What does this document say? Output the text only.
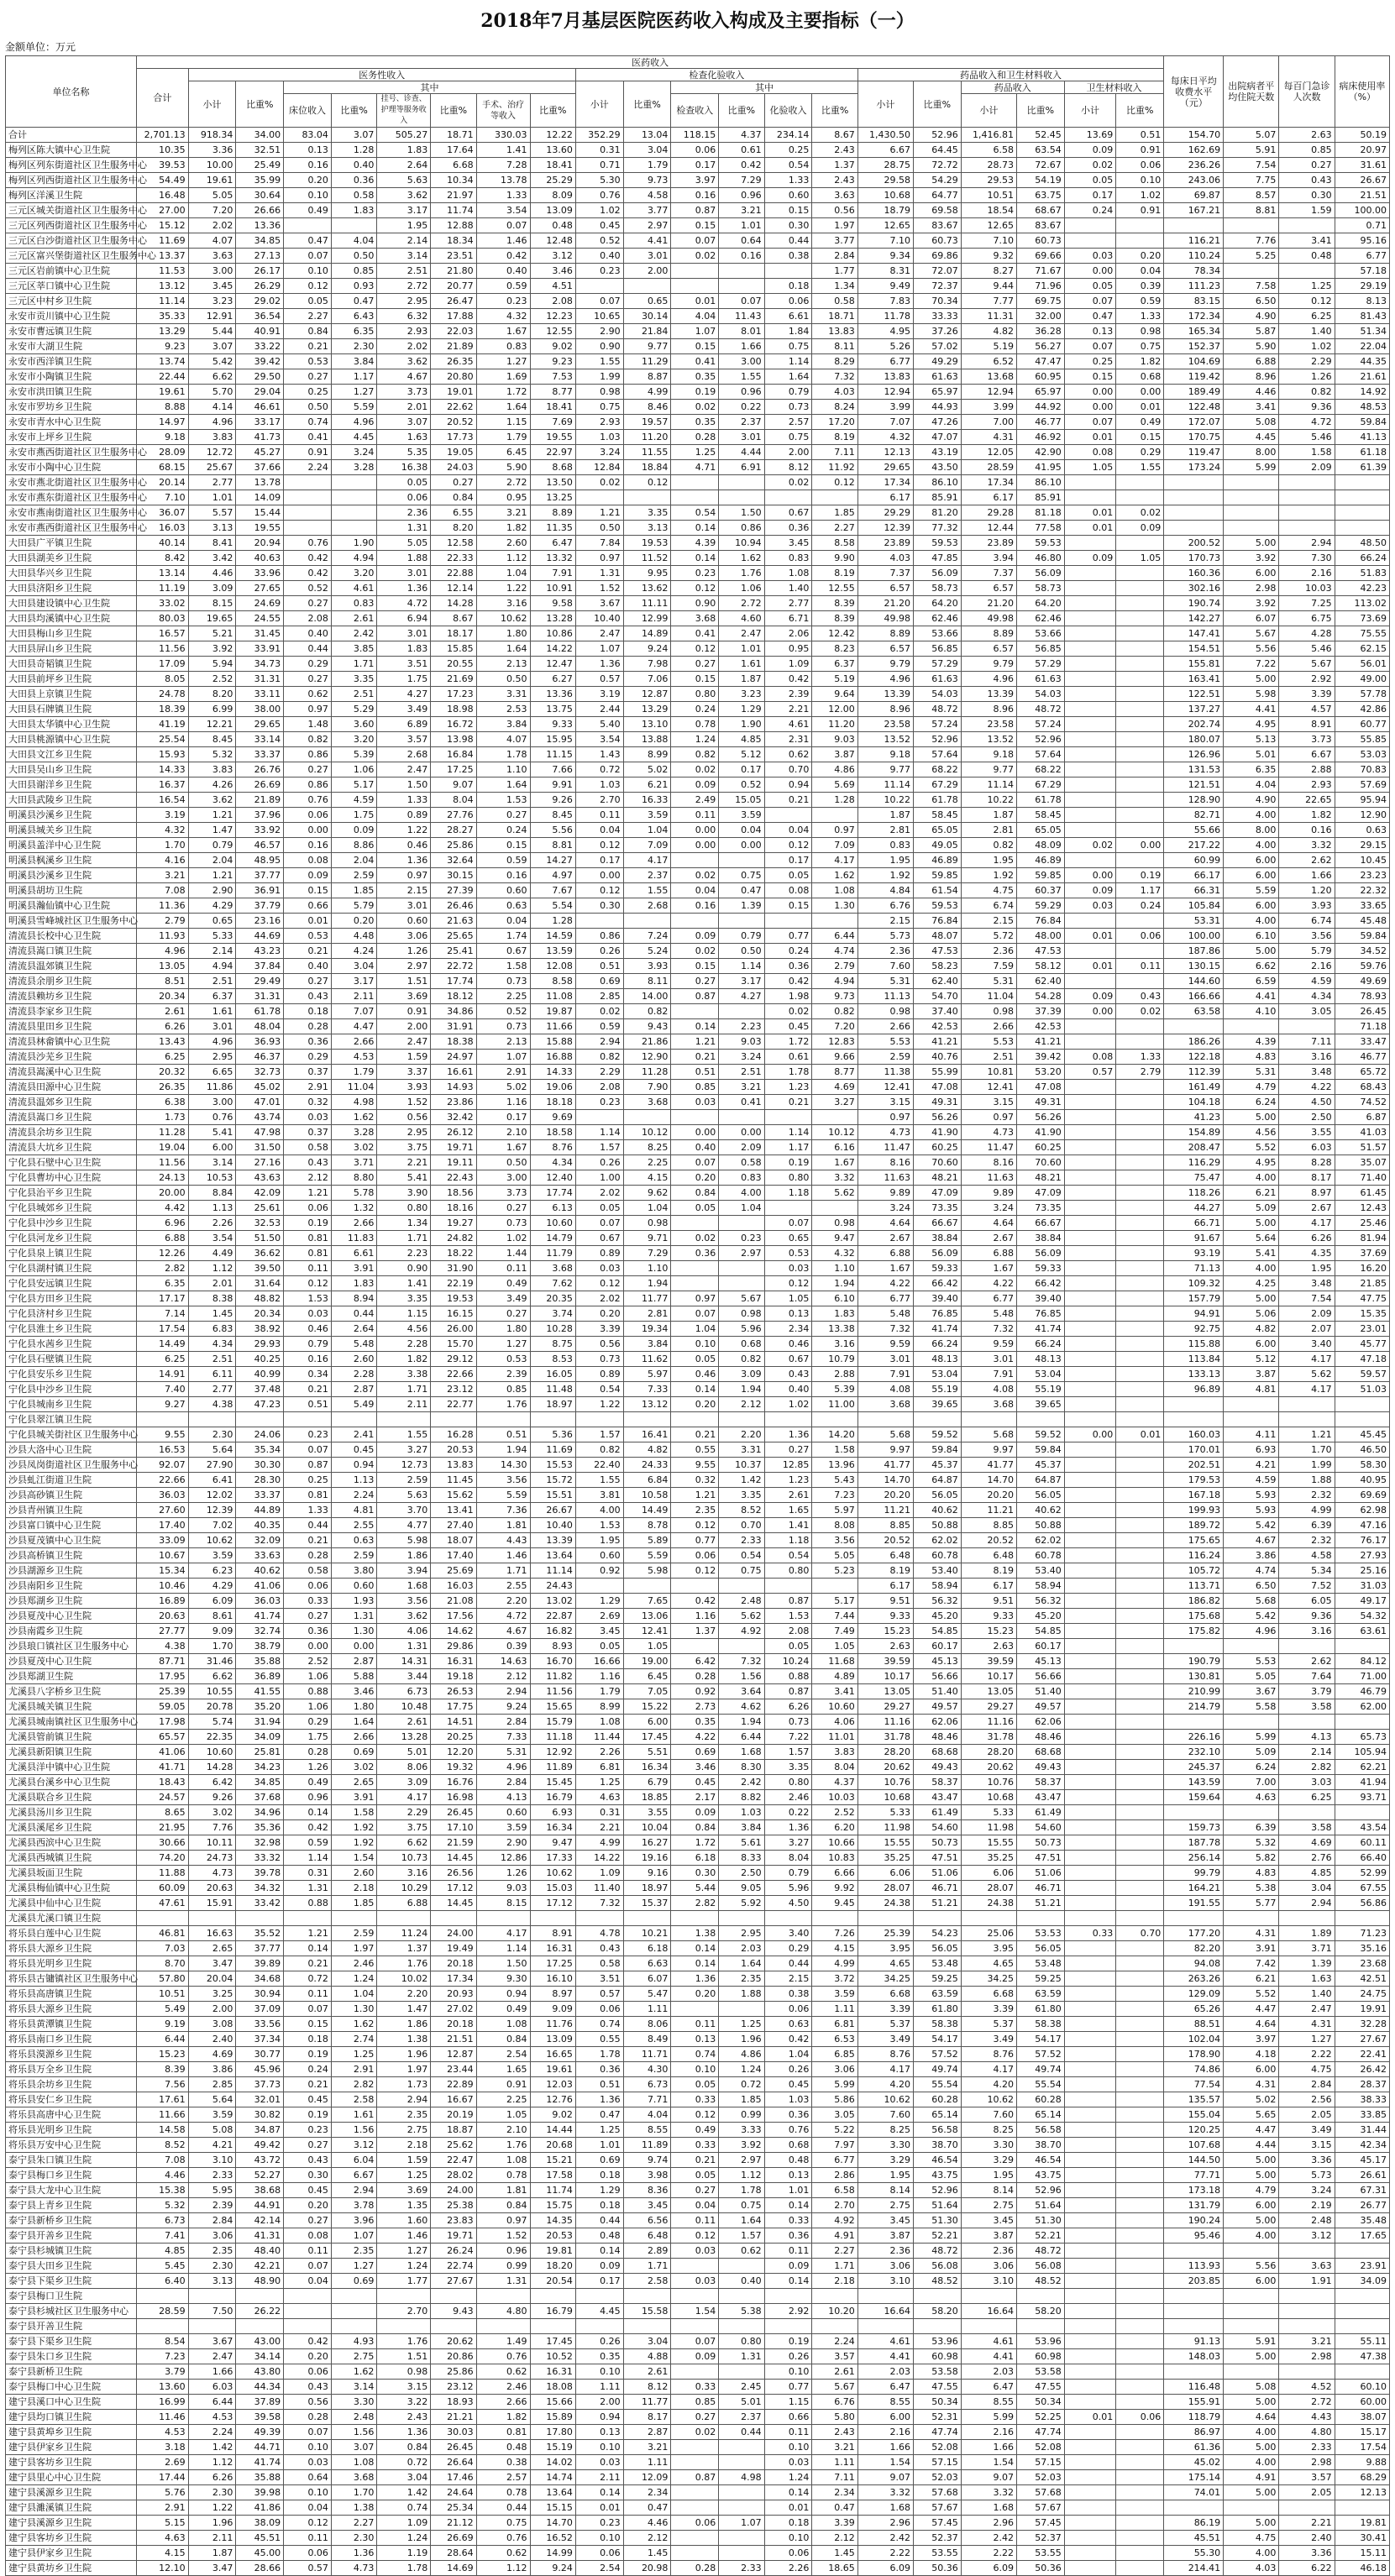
2018年7月基层医院医药收入构成及主要指标（一）
金额单位：万元
单位名称	医药收入																					每床日平均收费水平（元）	出院病者平均住院天数	每百门急诊人次数	病床使用率（%）
	合计	医务性收入								检查化验收入						药品收入和卫生材料收入									
		小计	比重%	其中						小计	比重%	其中				小计	比重%	药品收入		卫生材料收入					
				床位收入	比重%	挂号、诊查、护理等服务收入	比重%	手术、治疗等收入	比重%			检查收入	比重%	化验收入	比重%			小计	比重%	小计	比重%				
合计	2,701.13	918.34	34.00	83.04	3.07	505.27	18.71	330.03	12.22	352.29	13.04	118.15	4.37	234.14	8.67	1,430.50	52.96	1,416.81	52.45	13.69	0.51	154.70	5.07	2.63	50.19
梅列区陈大镇中心卫生院	10.35	3.36	32.51	0.13	1.28	1.83	17.64	1.41	13.60	0.31	3.04	0.06	0.61	0.25	2.43	6.67	64.45	6.58	63.54	0.09	0.91	162.69	5.91	0.85	20.97
梅列区列东街道社区卫生服务中心	39.53	10.00	25.49	0.16	0.40	2.64	6.68	7.28	18.41	0.71	1.79	0.17	0.42	0.54	1.37	28.75	72.72	28.73	72.67	0.02	0.06	236.26	7.54	0.27	31.61
梅列区列西街道社区卫生服务中心	54.49	19.61	35.99	0.20	0.36	5.63	10.34	13.78	25.29	5.30	9.73	3.97	7.29	1.33	2.43	29.58	54.29	29.53	54.19	0.05	0.10	243.06	7.75	0.43	26.67
梅列区洋溪卫生院	16.48	5.05	30.64	0.10	0.58	3.62	21.97	1.33	8.09	0.76	4.58	0.16	0.96	0.60	3.63	10.68	64.77	10.51	63.75	0.17	1.02	69.87	8.57	0.30	21.51
三元区城关街道社区卫生服务中心	27.00	7.20	26.66	0.49	1.83	3.17	11.74	3.54	13.09	1.02	3.77	0.87	3.21	0.15	0.56	18.79	69.58	18.54	68.67	0.24	0.91	167.21	8.81	1.59	100.00
三元区列西街道社区卫生服务中心	15.12	2.02	13.36			1.95	12.88	0.07	0.48	0.45	2.97	0.15	1.01	0.30	1.97	12.65	83.67	12.65	83.67						0.71
三元区白沙街道社区卫生服务中心	11.69	4.07	34.85	0.47	4.04	2.14	18.34	1.46	12.48	0.52	4.41	0.07	0.64	0.44	3.77	7.10	60.73	7.10	60.73			116.21	7.76	3.41	95.16
三元区富兴堡街道社区卫生服务中心	13.37	3.63	27.13	0.07	0.50	3.14	23.51	0.42	3.12	0.40	3.01	0.02	0.16	0.38	2.84	9.34	69.86	9.32	69.66	0.03	0.20	110.24	5.25	0.48	6.77
三元区岩前镇中心卫生院	11.53	3.00	26.17	0.10	0.85	2.51	21.80	0.40	3.46	0.23	2.00				1.77	8.31	72.07	8.27	71.67	0.00	0.04	78.34			57.18
三元区莘口镇中心卫生院	13.12	3.45	26.29	0.12	0.93	2.72	20.77	0.59	4.51					0.18	1.34	9.49	72.37	9.44	71.96	0.05	0.39	111.23	7.58	1.25	29.19
三元区中村乡卫生院	11.14	3.23	29.02	0.05	0.47	2.95	26.47	0.23	2.08	0.07	0.65	0.01	0.07	0.06	0.58	7.83	70.34	7.77	69.75	0.07	0.59	83.15	6.50	0.12	8.13
永安市贡川镇中心卫生院	35.33	12.91	36.54	2.27	6.43	6.32	17.88	4.32	12.23	10.65	30.14	4.04	11.43	6.61	18.71	11.78	33.33	11.31	32.00	0.47	1.33	172.34	4.90	6.25	81.43
永安市曹远镇卫生院	13.29	5.44	40.91	0.84	6.35	2.93	22.03	1.67	12.55	2.90	21.84	1.07	8.01	1.84	13.83	4.95	37.26	4.82	36.28	0.13	0.98	165.34	5.87	1.40	51.34
永安市大湖卫生院	9.23	3.07	33.22	0.21	2.30	2.02	21.89	0.83	9.02	0.90	9.77	0.15	1.66	0.75	8.11	5.26	57.02	5.19	56.27	0.07	0.75	152.37	5.90	1.02	22.04
永安市西洋镇卫生院	13.74	5.42	39.42	0.53	3.84	3.62	26.35	1.27	9.23	1.55	11.29	0.41	3.00	1.14	8.29	6.77	49.29	6.52	47.47	0.25	1.82	104.69	6.88	2.29	44.35
永安市小陶镇卫生院	22.44	6.62	29.50	0.27	1.17	4.67	20.80	1.69	7.53	1.99	8.87	0.35	1.55	1.64	7.32	13.83	61.63	13.68	60.95	0.15	0.68	119.42	8.96	1.26	21.61
永安市洪田镇卫生院	19.61	5.70	29.04	0.25	1.27	3.73	19.01	1.72	8.77	0.98	4.99	0.19	0.96	0.79	4.03	12.94	65.97	12.94	65.97	0.00	0.00	189.49	4.46	0.82	14.92
永安市罗坊乡卫生院	8.88	4.14	46.61	0.50	5.59	2.01	22.62	1.64	18.41	0.75	8.46	0.02	0.22	0.73	8.24	3.99	44.93	3.99	44.92	0.00	0.01	122.48	3.41	9.36	48.53
永安市青水中心卫生院	14.97	4.96	33.17	0.74	4.96	3.07	20.52	1.15	7.69	2.93	19.57	0.35	2.37	2.57	17.20	7.07	47.26	7.00	46.77	0.07	0.49	172.07	5.08	4.72	59.84
永安市上坪乡卫生院	9.18	3.83	41.73	0.41	4.45	1.63	17.73	1.79	19.55	1.03	11.20	0.28	3.01	0.75	8.19	4.32	47.07	4.31	46.92	0.01	0.15	170.75	4.45	5.46	41.13
永安市燕西街道社区卫生服务中心	28.09	12.72	45.27	0.91	3.24	5.35	19.05	6.45	22.97	3.24	11.55	1.25	4.44	2.00	7.11	12.13	43.19	12.05	42.90	0.08	0.29	119.47	8.00	1.58	61.18
永安市小陶中心卫生院	68.15	25.67	37.66	2.24	3.28	16.38	24.03	5.90	8.68	12.84	18.84	4.71	6.91	8.12	11.92	29.65	43.50	28.59	41.95	1.05	1.55	173.24	5.99	2.09	61.39
永安市燕北街道社区卫生服务中心	20.14	2.77	13.78			0.05	0.27	2.72	13.50	0.02	0.12			0.02	0.12	17.34	86.10	17.34	86.10						
永安市燕东街道社区卫生服务中心	7.10	1.01	14.09			0.06	0.84	0.95	13.25							6.17	85.91	6.17	85.91						
永安市燕南街道社区卫生服务中心	36.07	5.57	15.44			2.36	6.55	3.21	8.89	1.21	3.35	0.54	1.50	0.67	1.85	29.29	81.20	29.28	81.18	0.01	0.02				
永安市燕西街道社区卫生服务中心	16.03	3.13	19.55			1.31	8.20	1.82	11.35	0.50	3.13	0.14	0.86	0.36	2.27	12.39	77.32	12.44	77.58	0.01	0.09				
大田县广平镇卫生院	40.14	8.41	20.94	0.76	1.90	5.05	12.58	2.60	6.47	7.84	19.53	4.39	10.94	3.45	8.58	23.89	59.53	23.89	59.53			200.52	5.00	2.94	48.50
大田县湖美乡卫生院	8.42	3.42	40.63	0.42	4.94	1.88	22.33	1.12	13.32	0.97	11.52	0.14	1.62	0.83	9.90	4.03	47.85	3.94	46.80	0.09	1.05	170.73	3.92	7.30	66.24
大田县华兴乡卫生院	13.14	4.46	33.96	0.42	3.20	3.01	22.88	1.04	7.91	1.31	9.95	0.23	1.76	1.08	8.19	7.37	56.09	7.37	56.09			160.36	6.00	2.16	51.83
大田县济阳乡卫生院	11.19	3.09	27.65	0.52	4.61	1.36	12.14	1.22	10.91	1.52	13.62	0.12	1.06	1.40	12.55	6.57	58.73	6.57	58.73			302.16	2.98	10.03	42.23
大田县建设镇中心卫生院	33.02	8.15	24.69	0.27	0.83	4.72	14.28	3.16	9.58	3.67	11.11	0.90	2.72	2.77	8.39	21.20	64.20	21.20	64.20			190.74	3.92	7.25	113.02
大田县均溪镇中心卫生院	80.03	19.65	24.55	2.08	2.61	6.94	8.67	10.62	13.28	10.40	12.99	3.68	4.60	6.71	8.39	49.98	62.46	49.98	62.46			142.27	6.07	6.75	73.69
大田县梅山乡卫生院	16.57	5.21	31.45	0.40	2.42	3.01	18.17	1.80	10.86	2.47	14.89	0.41	2.47	2.06	12.42	8.89	53.66	8.89	53.66			147.41	5.67	4.28	75.55
大田县屏山乡卫生院	11.56	3.92	33.91	0.44	3.85	1.83	15.85	1.64	14.22	1.07	9.24	0.12	1.01	0.95	8.23	6.57	56.85	6.57	56.85			154.51	5.56	5.46	62.15
大田县奇韬镇卫生院	17.09	5.94	34.73	0.29	1.71	3.51	20.55	2.13	12.47	1.36	7.98	0.27	1.61	1.09	6.37	9.79	57.29	9.79	57.29			155.81	7.22	5.67	56.01
大田县前坪乡卫生院	8.05	2.52	31.31	0.27	3.35	1.75	21.69	0.50	6.27	0.57	7.06	0.15	1.87	0.42	5.19	4.96	61.63	4.96	61.63			163.41	5.00	2.92	49.00
大田县上京镇卫生院	24.78	8.20	33.11	0.62	2.51	4.27	17.23	3.31	13.36	3.19	12.87	0.80	3.23	2.39	9.64	13.39	54.03	13.39	54.03			122.51	5.98	3.39	57.78
大田县石牌镇卫生院	18.39	6.99	38.00	0.97	5.29	3.49	18.98	2.53	13.75	2.44	13.29	0.24	1.29	2.21	12.00	8.96	48.72	8.96	48.72			137.27	4.41	4.57	42.86
大田县太华镇中心卫生院	41.19	12.21	29.65	1.48	3.60	6.89	16.72	3.84	9.33	5.40	13.10	0.78	1.90	4.61	11.20	23.58	57.24	23.58	57.24			202.74	4.95	8.91	60.77
大田县桃源镇中心卫生院	25.54	8.45	33.14	0.82	3.20	3.57	13.98	4.07	15.95	3.54	13.88	1.24	4.85	2.31	9.03	13.52	52.96	13.52	52.96			180.07	5.13	3.73	55.85
大田县文江乡卫生院	15.93	5.32	33.37	0.86	5.39	2.68	16.84	1.78	11.15	1.43	8.99	0.82	5.12	0.62	3.87	9.18	57.64	9.18	57.64			126.96	5.01	6.67	53.03
大田县吴山乡卫生院	14.33	3.83	26.76	0.27	1.06	2.47	17.25	1.10	7.66	0.72	5.02	0.02	0.17	0.70	4.86	9.77	68.22	9.77	68.22			131.53	6.35	2.88	70.83
大田县谢洋乡卫生院	16.37	4.26	26.69	0.86	5.17	1.50	9.07	1.64	9.91	1.03	6.21	0.09	0.52	0.94	5.69	11.14	67.29	11.14	67.29			121.51	4.04	2.93	57.69
大田县武陵乡卫生院	16.54	3.62	21.89	0.76	4.59	1.33	8.04	1.53	9.26	2.70	16.33	2.49	15.05	0.21	1.28	10.22	61.78	10.22	61.78			128.90	4.90	22.65	95.94
明溪县沙溪乡卫生院	3.19	1.21	37.96	0.06	1.75	0.89	27.76	0.27	8.45	0.11	3.59	0.11	3.59			1.87	58.45	1.87	58.45			82.71	4.00	1.82	12.90
明溪县城关乡卫生院	4.32	1.47	33.92	0.00	0.09	1.22	28.27	0.24	5.56	0.04	1.04	0.00	0.04	0.04	0.97	2.81	65.05	2.81	65.05			55.66	8.00	0.16	0.63
明溪县盖洋中心卫生院	1.70	0.79	46.57	0.16	8.86	0.46	25.86	0.15	8.81	0.12	7.09	0.00	0.00	0.12	7.09	0.83	49.05	0.82	48.09	0.02	0.00	217.22	4.00	3.32	29.15
明溪县枫溪乡卫生院	4.16	2.04	48.95	0.08	2.04	1.36	32.64	0.59	14.27	0.17	4.17			0.17	4.17	1.95	46.89	1.95	46.89			60.99	6.00	2.62	10.45
明溪县沙溪乡卫生院	3.21	1.21	37.77	0.09	2.59	0.97	30.15	0.16	4.97	0.00	2.37	0.02	0.75	0.05	1.62	1.92	59.85	1.92	59.85	0.00	0.19	66.17	6.00	1.66	23.23
明溪县胡坊卫生院	7.08	2.90	36.91	0.15	1.85	2.15	27.39	0.60	7.67	0.12	1.55	0.04	0.47	0.08	1.08	4.84	61.54	4.75	60.37	0.09	1.17	66.31	5.59	1.20	22.32
明溪县瀚仙镇中心卫生院	11.36	4.29	37.79	0.66	5.79	3.01	26.46	0.63	5.54	0.30	2.68	0.16	1.39	0.15	1.30	6.76	59.53	6.74	59.29	0.03	0.24	105.84	6.00	3.93	33.65
明溪县雪峰城社区卫生服务中心	2.79	0.65	23.16	0.01	0.20	0.60	21.63	0.04	1.28							2.15	76.84	2.15	76.84			53.31	4.00	6.74	45.48
清流县长校中心卫生院	11.93	5.33	44.69	0.53	4.48	3.06	25.65	1.74	14.59	0.86	7.24	0.09	0.79	0.77	6.44	5.73	48.07	5.72	48.00	0.01	0.06	100.00	6.10	3.56	59.84
清流县嵩口镇卫生院	4.96	2.14	43.23	0.21	4.24	1.26	25.41	0.67	13.59	0.26	5.24	0.02	0.50	0.24	4.74	2.36	47.53	2.36	47.53			187.86	5.00	5.79	34.52
清流县温郊镇卫生院	13.05	4.94	37.84	0.40	3.04	2.97	22.72	1.58	12.08	0.51	3.93	0.15	1.14	0.36	2.79	7.60	58.23	7.59	58.12	0.01	0.11	130.15	6.62	2.16	59.76
清流县余朋乡卫生院	8.51	2.51	29.49	0.27	3.17	1.51	17.74	0.73	8.58	0.69	8.11	0.27	3.17	0.42	4.94	5.31	62.40	5.31	62.40			144.60	6.59	4.59	49.69
清流县赖坊乡卫生院	20.34	6.37	31.31	0.43	2.11	3.69	18.12	2.25	11.08	2.85	14.00	0.87	4.27	1.98	9.73	11.13	54.70	11.04	54.28	0.09	0.43	166.66	4.41	4.34	78.93
清流县李家乡卫生院	2.61	1.61	61.78	0.18	7.07	0.91	34.86	0.52	19.87	0.02	0.82			0.02	0.82	0.98	37.40	0.98	37.39	0.00	0.02	63.58	4.10	3.05	26.45
清流县里田乡卫生院	6.26	3.01	48.04	0.28	4.47	2.00	31.91	0.73	11.66	0.59	9.43	0.14	2.23	0.45	7.20	2.66	42.53	2.66	42.53						71.18
清流县林畲镇中心卫生院	13.43	4.96	36.93	0.36	2.66	2.47	18.38	2.13	15.88	2.94	21.86	1.21	9.03	1.72	12.83	5.53	41.21	5.53	41.21			186.26	4.39	7.11	33.47
清流县沙芜乡卫生院	6.25	2.95	46.37	0.29	4.53	1.59	24.97	1.07	16.88	0.82	12.90	0.21	3.24	0.61	9.66	2.59	40.76	2.51	39.42	0.08	1.33	122.18	4.83	3.16	46.77
清流县嵩溪中心卫生院	20.32	6.65	32.73	0.37	1.79	3.37	16.61	2.91	14.33	2.29	11.28	0.51	2.51	1.78	8.77	11.38	55.99	10.81	53.20	0.57	2.79	112.39	5.31	3.48	65.72
清流县田源中心卫生院	26.35	11.86	45.02	2.91	11.04	3.93	14.93	5.02	19.06	2.08	7.90	0.85	3.21	1.23	4.69	12.41	47.08	12.41	47.08			161.49	4.79	4.22	68.43
清流县温郊乡卫生院	6.38	3.00	47.01	0.32	4.98	1.52	23.86	1.16	18.18	0.23	3.68	0.03	0.41	0.21	3.27	3.15	49.31	3.15	49.31			104.18	6.24	4.50	74.52
清流县嵩口乡卫生院	1.73	0.76	43.74	0.03	1.62	0.56	32.42	0.17	9.69							0.97	56.26	0.97	56.26			41.23	5.00	2.50	6.87
清流县余坊乡卫生院	11.28	5.41	47.98	0.37	3.28	2.95	26.12	2.10	18.58	1.14	10.12	0.00	0.00	1.14	10.12	4.73	41.90	4.73	41.90			154.89	4.56	3.55	41.03
清流县大坑乡卫生院	19.04	6.00	31.50	0.58	3.02	3.75	19.71	1.67	8.76	1.57	8.25	0.40	2.09	1.17	6.16	11.47	60.25	11.47	60.25			208.47	5.52	6.03	51.57
宁化县石壁中心卫生院	11.56	3.14	27.16	0.43	3.71	2.21	19.11	0.50	4.34	0.26	2.25	0.07	0.58	0.19	1.67	8.16	70.60	8.16	70.60			116.29	4.95	8.28	35.07
宁化县曹坊中心卫生院	24.13	10.53	43.63	2.12	8.80	5.41	22.43	3.00	12.40	1.00	4.15	0.20	0.83	0.80	3.32	11.63	48.21	11.63	48.21			75.47	4.00	8.17	71.40
宁化县治平乡卫生院	20.00	8.84	42.09	1.21	5.78	3.90	18.56	3.73	17.74	2.02	9.62	0.84	4.00	1.18	5.62	9.89	47.09	9.89	47.09			118.26	6.21	8.97	61.45
宁化县城郊乡卫生院	4.42	1.13	25.61	0.06	1.32	0.80	18.16	0.27	6.13	0.05	1.04	0.05	1.04			3.24	73.35	3.24	73.35			44.27	5.09	2.67	12.43
宁化县中沙乡卫生院	6.96	2.26	32.53	0.19	2.66	1.34	19.27	0.73	10.60	0.07	0.98			0.07	0.98	4.64	66.67	4.64	66.67			66.71	5.00	4.17	25.46
宁化县河龙乡卫生院	6.88	3.54	51.50	0.81	11.83	1.71	24.82	1.02	14.79	0.67	9.71	0.02	0.23	0.65	9.47	2.67	38.84	2.67	38.84			91.67	5.64	6.26	81.94
宁化县泉上镇卫生院	12.26	4.49	36.62	0.81	6.61	2.23	18.22	1.44	11.79	0.89	7.29	0.36	2.97	0.53	4.32	6.88	56.09	6.88	56.09			93.19	5.41	4.35	37.69
宁化县湖村镇卫生院	2.82	1.12	39.50	0.11	3.91	0.90	31.90	0.11	3.68	0.03	1.10			0.03	1.10	1.67	59.33	1.67	59.33			71.13	4.00	1.95	16.20
宁化县安远镇卫生院	6.35	2.01	31.64	0.12	1.83	1.41	22.19	0.49	7.62	0.12	1.94			0.12	1.94	4.22	66.42	4.22	66.42			109.32	4.25	3.48	21.85
宁化县方田乡卫生院	17.17	8.38	48.82	1.53	8.94	3.35	19.53	3.49	20.35	2.02	11.77	0.97	5.67	1.05	6.10	6.77	39.40	6.77	39.40			157.79	5.00	7.54	47.75
宁化县济村乡卫生院	7.14	1.45	20.34	0.03	0.44	1.15	16.15	0.27	3.74	0.20	2.81	0.07	0.98	0.13	1.83	5.48	76.85	5.48	76.85			94.91	5.06	2.09	15.35
宁化县淮土乡卫生院	17.54	6.83	38.92	0.46	2.64	4.56	26.00	1.80	10.28	3.39	19.34	1.04	5.96	2.34	13.38	7.32	41.74	7.32	41.74			92.75	4.82	2.07	23.01
宁化县水茜乡卫生院	14.49	4.34	29.93	0.79	5.48	2.28	15.70	1.27	8.75	0.56	3.84	0.10	0.68	0.46	3.16	9.59	66.24	9.59	66.24			115.88	6.00	3.40	45.77
宁化县石壁镇卫生院	6.25	2.51	40.25	0.16	2.60	1.82	29.12	0.53	8.53	0.73	11.62	0.05	0.82	0.67	10.79	3.01	48.13	3.01	48.13			113.84	5.12	4.17	47.18
宁化县安乐乡卫生院	14.91	6.11	40.99	0.34	2.28	3.38	22.66	2.39	16.05	0.89	5.97	0.46	3.09	0.43	2.88	7.91	53.04	7.91	53.04			133.13	3.87	5.62	59.57
宁化县中沙乡卫生院	7.40	2.77	37.48	0.21	2.87	1.71	23.12	0.85	11.48	0.54	7.33	0.14	1.94	0.40	5.39	4.08	55.19	4.08	55.19			96.89	4.81	4.17	51.03
宁化县城南乡卫生院	9.27	4.38	47.23	0.51	5.49	2.11	22.77	1.76	18.97	1.22	13.12	0.20	2.12	1.02	11.00	3.68	39.65	3.68	39.65						
宁化县翠江镇卫生院																									
宁化县城关街社区卫生服务中心	9.55	2.30	24.06	0.23	2.41	1.55	16.28	0.51	5.36	1.57	16.41	0.21	2.20	1.36	14.20	5.68	59.52	5.68	59.52	0.00	0.01	160.03	4.11	1.21	45.45
沙县大洛中心卫生院	16.53	5.64	35.34	0.07	0.45	3.27	20.53	1.94	11.69	0.82	4.82	0.55	3.31	0.27	1.58	9.97	59.84	9.97	59.84			170.01	6.93	1.70	46.50
沙县凤岗街道社区卫生服务中心	92.07	27.90	30.30	0.87	0.94	12.73	13.83	14.30	15.53	22.40	24.33	9.55	10.37	12.85	13.96	41.77	45.37	41.77	45.37			202.51	4.21	1.99	58.30
沙县虬江街道卫生院	22.66	6.41	28.30	0.25	1.13	2.59	11.45	3.56	15.72	1.55	6.84	0.32	1.42	1.23	5.43	14.70	64.87	14.70	64.87			179.53	4.59	1.88	40.95
沙县高砂镇卫生院	36.03	12.02	33.37	0.81	2.24	5.63	15.62	5.59	15.51	3.81	10.58	1.21	3.35	2.61	7.23	20.20	56.05	20.20	56.05			167.18	5.93	2.32	69.69
沙县青州镇卫生院	27.60	12.39	44.89	1.33	4.81	3.70	13.41	7.36	26.67	4.00	14.49	2.35	8.52	1.65	5.97	11.21	40.62	11.21	40.62			199.93	5.93	4.99	62.98
沙县富口镇中心卫生院	17.40	7.02	40.35	0.44	2.55	4.77	27.40	1.81	10.40	1.53	8.78	0.12	0.70	1.41	8.08	8.85	50.88	8.85	50.88			189.72	5.42	6.39	47.16
沙县夏茂镇中心卫生院	33.09	10.62	32.09	0.21	0.63	5.98	18.07	4.43	13.39	1.95	5.89	0.77	2.33	1.18	3.56	20.52	62.02	20.52	62.02			175.65	4.67	2.32	76.17
沙县高桥镇卫生院	10.67	3.59	33.63	0.28	2.59	1.86	17.40	1.46	13.64	0.60	5.59	0.06	0.54	0.54	5.05	6.48	60.78	6.48	60.78			116.24	3.86	4.58	27.93
沙县湖源乡卫生院	15.34	6.23	40.62	0.58	3.80	3.94	25.69	1.71	11.14	0.92	5.98	0.12	0.75	0.80	5.23	8.19	53.40	8.19	53.40			105.72	4.74	5.34	25.16
沙县南阳乡卫生院	10.46	4.29	41.06	0.06	0.60	1.68	16.03	2.55	24.43							6.17	58.94	6.17	58.94			113.71	6.50	7.52	31.03
沙县郑湖乡卫生院	16.89	6.09	36.03	0.33	1.93	3.56	21.08	2.20	13.02	1.29	7.65	0.42	2.48	0.87	5.17	9.51	56.32	9.51	56.32			186.82	5.68	6.05	49.17
沙县夏茂中心卫生院	20.63	8.61	41.74	0.27	1.31	3.62	17.56	4.72	22.87	2.69	13.06	1.16	5.62	1.53	7.44	9.33	45.20	9.33	45.20			175.68	5.42	9.36	54.32
沙县南霞乡卫生院	27.77	9.09	32.74	0.36	1.30	4.06	14.62	4.67	16.82	3.45	12.41	1.37	4.92	2.08	7.49	15.23	54.85	15.23	54.85			175.82	4.96	3.16	63.61
沙县琅口镇社区卫生服务中心	4.38	1.70	38.79	0.00	0.00	1.31	29.86	0.39	8.93	0.05	1.05			0.05	1.05	2.63	60.17	2.63	60.17						
沙县夏茂中心卫生院	87.71	31.46	35.88	2.52	2.87	14.31	16.31	14.63	16.70	16.66	19.00	6.42	7.32	10.24	11.68	39.59	45.13	39.59	45.13			190.79	5.53	2.62	84.12
沙县郑湖卫生院	17.95	6.62	36.89	1.06	5.88	3.44	19.18	2.12	11.82	1.16	6.45	0.28	1.56	0.88	4.89	10.17	56.66	10.17	56.66			130.81	5.05	7.64	71.00
尤溪县八字桥乡卫生院	25.39	10.55	41.55	0.88	3.46	6.73	26.53	2.94	11.56	1.79	7.05	0.92	3.64	0.87	3.41	13.05	51.40	13.05	51.40			210.99	3.67	3.79	46.79
尤溪县城关镇卫生院	59.05	20.78	35.20	1.06	1.80	10.48	17.75	9.24	15.65	8.99	15.22	2.73	4.62	6.26	10.60	29.27	49.57	29.27	49.57			214.79	5.58	3.58	62.00
尤溪县城南镇社区卫生服务中心	17.98	5.74	31.94	0.29	1.64	2.61	14.51	2.84	15.79	1.08	6.00	0.35	1.94	0.73	4.06	11.16	62.06	11.16	62.06						
尤溪县管前镇卫生院	65.57	22.35	34.09	1.75	2.66	13.28	20.25	7.33	11.18	11.44	17.45	4.22	6.44	7.22	11.01	31.78	48.46	31.78	48.46			226.16	5.99	4.13	65.73
尤溪县新阳镇卫生院	41.06	10.60	25.81	0.28	0.69	5.01	12.20	5.31	12.92	2.26	5.51	0.69	1.68	1.57	3.83	28.20	68.68	28.20	68.68			232.10	5.09	2.14	105.94
尤溪县洋中镇中心卫生院	41.71	14.28	34.23	1.26	3.02	8.06	19.32	4.96	11.89	6.81	16.34	3.46	8.30	3.35	8.04	20.62	49.43	20.62	49.43			245.37	6.24	2.82	62.21
尤溪县台溪乡中心卫生院	18.43	6.42	34.85	0.49	2.65	3.09	16.76	2.84	15.45	1.25	6.79	0.45	2.42	0.80	4.37	10.76	58.37	10.76	58.37			143.59	7.00	3.03	41.94
尤溪县联合乡卫生院	24.57	9.26	37.68	0.96	3.91	4.17	16.98	4.13	16.79	4.63	18.85	2.17	8.82	2.46	10.03	10.68	43.47	10.68	43.47			159.64	4.63	6.25	93.71
尤溪县汤川乡卫生院	8.65	3.02	34.96	0.14	1.58	2.29	26.45	0.60	6.93	0.31	3.55	0.09	1.03	0.22	2.52	5.33	61.49	5.33	61.49						
尤溪县溪尾乡卫生院	21.95	7.76	35.36	0.42	1.92	3.75	17.10	3.59	16.34	2.21	10.04	0.84	3.84	1.36	6.20	11.98	54.60	11.98	54.60			159.73	6.39	3.58	43.54
尤溪县西滨中心卫生院	30.66	10.11	32.98	0.59	1.92	6.62	21.59	2.90	9.47	4.99	16.27	1.72	5.61	3.27	10.66	15.55	50.73	15.55	50.73			187.78	5.32	4.69	60.11
尤溪县西城镇卫生院	74.20	24.73	33.32	1.14	1.54	10.73	14.45	12.86	17.33	14.22	19.16	6.18	8.33	8.04	10.83	35.25	47.51	35.25	47.51			256.14	5.82	2.76	66.40
尤溪县坂面卫生院	11.88	4.73	39.78	0.31	2.60	3.16	26.56	1.26	10.62	1.09	9.16	0.30	2.50	0.79	6.66	6.06	51.06	6.06	51.06			99.79	4.83	4.85	52.99
尤溪县梅仙镇中心卫生院	60.09	20.63	34.32	1.31	2.18	10.29	17.12	9.03	15.03	11.40	18.97	5.44	9.05	5.96	9.92	28.07	46.71	28.07	46.71			164.21	5.38	3.04	67.55
尤溪县中仙中心卫生院	47.61	15.91	33.42	0.88	1.85	6.88	14.45	8.15	17.12	7.32	15.37	2.82	5.92	4.50	9.45	24.38	51.21	24.38	51.21			191.55	5.77	2.94	56.86
尤溪县尤溪口镇卫生院																									
将乐县白莲中心卫生院	46.81	16.63	35.52	1.21	2.59	11.24	24.00	4.17	8.91	4.78	10.21	1.38	2.95	3.40	7.26	25.39	54.23	25.06	53.53	0.33	0.70	177.20	4.31	1.89	71.23
将乐县大源乡卫生院	7.03	2.65	37.77	0.14	1.97	1.37	19.49	1.14	16.31	0.43	6.18	0.14	2.03	0.29	4.15	3.95	56.05	3.95	56.05			82.20	3.91	3.71	35.16
将乐县光明乡卫生院	8.70	3.47	39.89	0.21	2.46	1.76	20.18	1.50	17.25	0.58	6.63	0.14	1.64	0.44	4.99	4.65	53.48	4.65	53.48			94.08	7.42	1.39	23.68
将乐县古镛镇社区卫生服务中心	57.80	20.04	34.68	0.72	1.24	10.02	17.34	9.30	16.10	3.51	6.07	1.36	2.35	2.15	3.72	34.25	59.25	34.25	59.25			263.26	6.21	1.63	42.51
将乐县高唐镇卫生院	10.51	3.25	30.94	0.11	1.04	2.20	20.93	0.94	8.97	0.57	5.47	0.20	1.88	0.38	3.59	6.68	63.59	6.68	63.59			129.09	5.52	1.40	24.75
将乐县大源乡卫生院	5.49	2.00	37.09	0.07	1.30	1.47	27.02	0.49	9.09	0.06	1.11			0.06	1.11	3.39	61.80	3.39	61.80			65.26	4.47	2.47	19.91
将乐县黄潭镇卫生院	9.19	3.08	33.56	0.15	1.62	1.86	20.18	1.08	11.76	0.74	8.06	0.11	1.25	0.63	6.81	5.37	58.38	5.37	58.38			88.51	4.64	4.31	32.28
将乐县南口乡卫生院	6.44	2.40	37.34	0.18	2.74	1.38	21.51	0.84	13.09	0.55	8.49	0.13	1.96	0.42	6.53	3.49	54.17	3.49	54.17			102.04	3.97	1.27	27.67
将乐县漠源乡卫生院	15.23	4.69	30.77	0.19	1.25	1.96	12.87	2.54	16.65	1.78	11.71	0.74	4.86	1.04	6.85	8.76	57.52	8.76	57.52			178.90	4.18	2.22	22.41
将乐县万全乡卫生院	8.39	3.86	45.96	0.24	2.91	1.97	23.44	1.65	19.61	0.36	4.30	0.10	1.24	0.26	3.06	4.17	49.74	4.17	49.74			74.86	6.00	4.75	26.42
将乐县余坊乡卫生院	7.56	2.85	37.73	0.21	2.82	1.73	22.89	0.91	12.03	0.51	6.73	0.05	0.72	0.45	5.99	4.20	55.54	4.20	55.54			77.54	4.31	2.84	28.37
将乐县安仁乡卫生院	17.61	5.64	32.01	0.45	2.58	2.94	16.67	2.25	12.76	1.36	7.71	0.33	1.85	1.03	5.86	10.62	60.28	10.62	60.28			135.57	5.02	2.56	38.33
将乐县高唐中心卫生院	11.66	3.59	30.82	0.19	1.61	2.35	20.19	1.05	9.02	0.47	4.04	0.12	0.99	0.36	3.05	7.60	65.14	7.60	65.14			155.04	5.65	2.05	33.85
将乐县光明乡卫生院	14.58	5.08	34.87	0.23	1.56	2.75	18.87	2.10	14.44	1.25	8.55	0.49	3.33	0.76	5.22	8.25	56.58	8.25	56.58			120.25	4.47	3.49	31.44
将乐县万安中心卫生院	8.52	4.21	49.42	0.27	3.12	2.18	25.62	1.76	20.68	1.01	11.89	0.33	3.92	0.68	7.97	3.30	38.70	3.30	38.70			107.68	4.44	3.15	42.34
泰宁县朱口镇卫生院	7.08	3.10	43.72	0.43	6.04	1.59	22.47	1.08	15.21	0.69	9.74	0.21	2.97	0.48	6.77	3.29	46.54	3.29	46.54			144.50	5.00	3.36	45.17
泰宁县梅口乡卫生院	4.46	2.33	52.27	0.30	6.67	1.25	28.02	0.78	17.58	0.18	3.98	0.05	1.12	0.13	2.86	1.95	43.75	1.95	43.75			77.71	5.00	5.73	26.61
泰宁县大龙中心卫生院	15.38	5.95	38.68	0.45	2.94	3.69	24.00	1.81	11.74	1.29	8.36	0.27	1.78	1.01	6.58	8.14	52.96	8.14	52.96			173.18	4.79	3.24	67.31
泰宁县上青乡卫生院	5.32	2.39	44.91	0.20	3.78	1.35	25.38	0.84	15.75	0.18	3.45	0.04	0.75	0.14	2.70	2.75	51.64	2.75	51.64			131.79	6.00	2.19	26.77
泰宁县新桥乡卫生院	6.73	2.84	42.14	0.27	3.96	1.60	23.83	0.97	14.35	0.44	6.56	0.11	1.64	0.33	4.92	3.45	51.30	3.45	51.30			190.24	5.00	2.48	35.48
泰宁县开善乡卫生院	7.41	3.06	41.31	0.08	1.07	1.46	19.71	1.52	20.53	0.48	6.48	0.12	1.57	0.36	4.91	3.87	52.21	3.87	52.21			95.46	4.00	3.12	17.65
泰宁县杉城镇卫生院	4.85	2.35	48.40	0.11	2.35	1.27	26.24	0.96	19.81	0.14	2.89	0.03	0.62	0.11	2.27	2.36	48.72	2.36	48.72						
泰宁县大田乡卫生院	5.45	2.30	42.21	0.07	1.27	1.24	22.74	0.99	18.20	0.09	1.71			0.09	1.71	3.06	56.08	3.06	56.08			113.93	5.56	3.63	23.91
泰宁县下渠乡卫生院	6.40	3.13	48.90	0.04	0.69	1.77	27.67	1.31	20.54	0.17	2.58	0.03	0.40	0.14	2.18	3.10	48.52	3.10	48.52			203.85	6.00	1.91	34.09
泰宁县梅口卫生院																									
泰宁县杉城社区卫生服务中心	28.59	7.50	26.22			2.70	9.43	4.80	16.79	4.45	15.58	1.54	5.38	2.92	10.20	16.64	58.20	16.64	58.20						
泰宁县开善卫生院																									
泰宁县下渠乡卫生院	8.54	3.67	43.00	0.42	4.93	1.76	20.62	1.49	17.45	0.26	3.04	0.07	0.80	0.19	2.24	4.61	53.96	4.61	53.96			91.13	5.91	3.21	55.11
泰宁县朱口乡卫生院	7.23	2.47	34.14	0.20	2.75	1.51	20.86	0.76	10.52	0.35	4.88	0.09	1.31	0.26	3.57	4.41	60.98	4.41	60.98			148.03	5.00	2.98	47.38
泰宁县新桥卫生院	3.79	1.66	43.80	0.06	1.62	0.98	25.86	0.62	16.31	0.10	2.61			0.10	2.61	2.03	53.58	2.03	53.58						
泰宁县梅口中心卫生院	13.60	6.03	44.34	0.43	3.14	3.15	23.12	2.46	18.08	1.11	8.12	0.33	2.45	0.77	5.67	6.47	47.55	6.47	47.55			116.48	5.08	4.52	60.10
建宁县溪口中心卫生院	16.99	6.44	37.89	0.56	3.30	3.22	18.93	2.66	15.66	2.00	11.77	0.85	5.01	1.15	6.76	8.55	50.34	8.55	50.34			155.91	5.00	2.72	60.00
建宁县均口镇卫生院	11.46	4.53	39.58	0.28	2.48	2.43	21.21	1.82	15.89	0.94	8.17	0.27	2.37	0.66	5.80	6.00	52.31	5.99	52.25	0.01	0.06	118.79	4.64	4.43	38.07
建宁县黄埠乡卫生院	4.53	2.24	49.39	0.07	1.56	1.36	30.03	0.81	17.80	0.13	2.87	0.02	0.44	0.11	2.43	2.16	47.74	2.16	47.74			86.97	4.00	4.80	15.17
建宁县伊家乡卫生院	3.18	1.42	44.71	0.10	3.07	0.84	26.45	0.48	15.19	0.10	3.21			0.10	3.21	1.66	52.08	1.66	52.08			61.36	5.00	2.33	17.54
建宁县客坊乡卫生院	2.69	1.12	41.74	0.03	1.08	0.72	26.64	0.38	14.02	0.03	1.11			0.03	1.11	1.54	57.15	1.54	57.15			45.02	4.00	2.98	9.88
建宁县里心中心卫生院	17.44	6.26	35.88	0.64	3.68	3.04	17.46	2.57	14.74	2.11	12.09	0.87	4.98	1.24	7.11	9.07	52.03	9.07	52.03			175.14	4.91	3.57	68.29
建宁县溪源乡卫生院	5.76	2.30	39.98	0.10	1.70	1.42	24.64	0.78	13.64	0.14	2.34			0.14	2.34	3.32	57.68	3.32	57.68			74.01	5.00	2.05	12.13
建宁县濉溪镇卫生院	2.91	1.22	41.86	0.04	1.38	0.74	25.34	0.44	15.15	0.01	0.47			0.01	0.47	1.68	57.67	1.68	57.67						
建宁县溪源乡卫生院	5.15	1.96	38.09	0.12	2.27	1.09	21.12	0.75	14.70	0.23	4.46	0.06	1.07	0.18	3.39	2.96	57.45	2.96	57.45			86.19	5.00	2.21	19.81
建宁县客坊乡卫生院	4.63	2.11	45.51	0.11	2.30	1.24	26.69	0.76	16.52	0.10	2.12			0.10	2.12	2.42	52.37	2.42	52.37			45.51	4.75	2.40	30.41
建宁县伊家乡卫生院	4.15	1.87	45.00	0.06	1.36	1.19	28.64	0.62	14.99	0.06	1.45			0.06	1.45	2.22	53.55	2.22	53.55			55.30	4.00	3.36	15.11
建宁县黄坊乡卫生院	12.10	3.47	28.66	0.57	4.73	1.78	14.69	1.12	9.24	2.54	20.98	0.28	2.33	2.26	18.65	6.09	50.36	6.09	50.36			214.41	4.03	6.22	46.18
